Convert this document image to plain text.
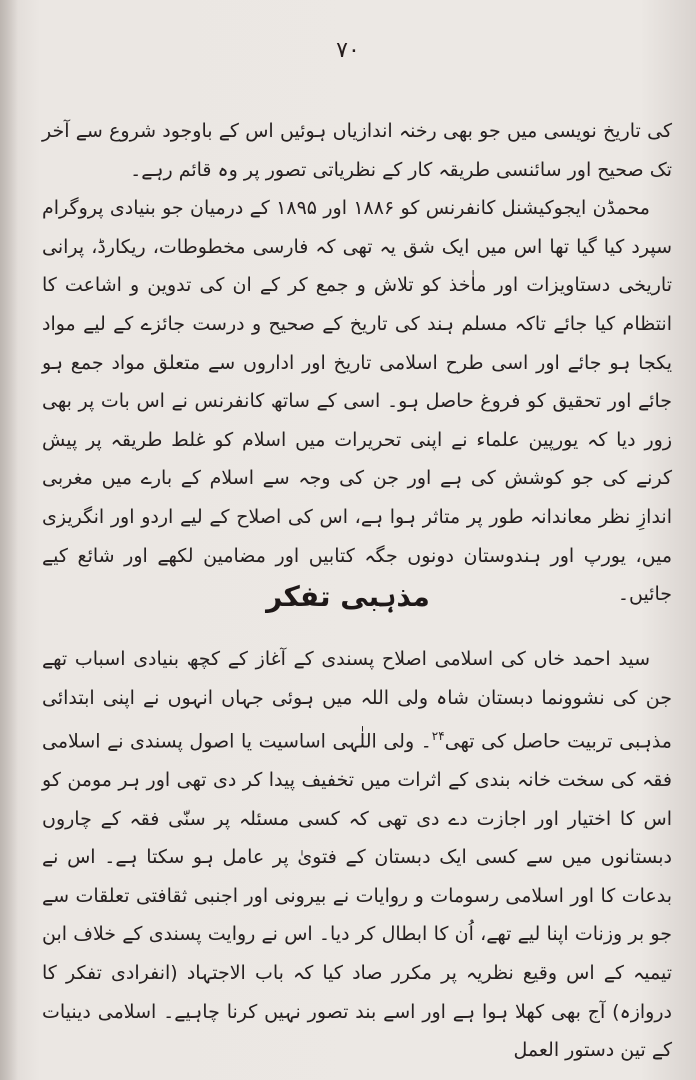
۷۰

کی تاریخ نویسی میں جو بھی رخنہ اندازیاں ہوئیں اس کے باوجود شروع سے آخر تک صحیح اور سائنسی طریقہ کار کے نظریاتی تصور پر وہ قائم رہے۔

محمڈن ایجوکیشنل کانفرنس کو ۱۸۸۶ اور ۱۸۹۵ کے درمیان جو بنیادی پروگرام سپرد کیا گیا تھا اس میں ایک شق یہ تھی کہ فارسی مخطوطات، ریکارڈ، پرانی تاریخی دستاویزات اور ماٰخذ کو تلاش و جمع کر کے ان کی تدوین و اشاعت کا انتظام کیا جائے تاکہ مسلم ہند کی تاریخ کے صحیح و درست جائزے کے لیے مواد یکجا ہو جائے اور اسی طرح اسلامی تاریخ اور اداروں سے متعلق مواد جمع ہو جائے اور تحقیق کو فروغ حاصل ہو۔ اسی کے ساتھ کانفرنس نے اس بات پر بھی زور دیا کہ یورپین علماء نے اپنی تحریرات میں اسلام کو غلط طریقہ پر پیش کرنے کی جو کوشش کی ہے اور جن کی وجہ سے اسلام کے بارے میں مغربی اندازِ نظر معاندانہ طور پر متاثر ہوا ہے، اس کی اصلاح کے لیے اردو اور انگریزی میں، یورپ اور ہندوستان دونوں جگہ کتابیں اور مضامین لکھے اور شائع کیے جائیں۔

مذہبی تفکر

سید احمد خاں کی اسلامی اصلاح پسندی کے آغاز کے کچھ بنیادی اسباب تھے جن کی نشوونما دبستان شاہ ولی اللہ میں ہوئی جہاں انہوں نے اپنی ابتدائی مذہبی تربیت حاصل کی تھی$^{۲۴}$۔ ولی اللٰہی اساسیت یا اصول پسندی نے اسلامی فقہ کی سخت خانہ بندی کے اثرات میں تخفیف پیدا کر دی تھی اور ہر مومن کو اس کا اختیار اور اجازت دے دی تھی کہ کسی مسئلہ پر سنّی فقہ کے چاروں دبستانوں میں سے کسی ایک دبستان کے فتویٰ پر عامل ہو سکتا ہے۔ اس نے بدعات کا اور اسلامی رسومات و روایات نے بیرونی اور اجنبی ثقافتی تعلقات سے جو بر وزنات اپنا لیے تھے، اُن کا ابطال کر دیا۔ اس نے روایت پسندی کے خلاف ابن تیمیہ کے اس وقیع نظریہ پر مکرر صاد کیا کہ باب الاجتہاد (انفرادی تفکر کا دروازہ) آج بھی کھلا ہوا ہے اور اسے بند تصور نہیں کرنا چاہیے۔ اسلامی دینیات کے تین دستور العمل
